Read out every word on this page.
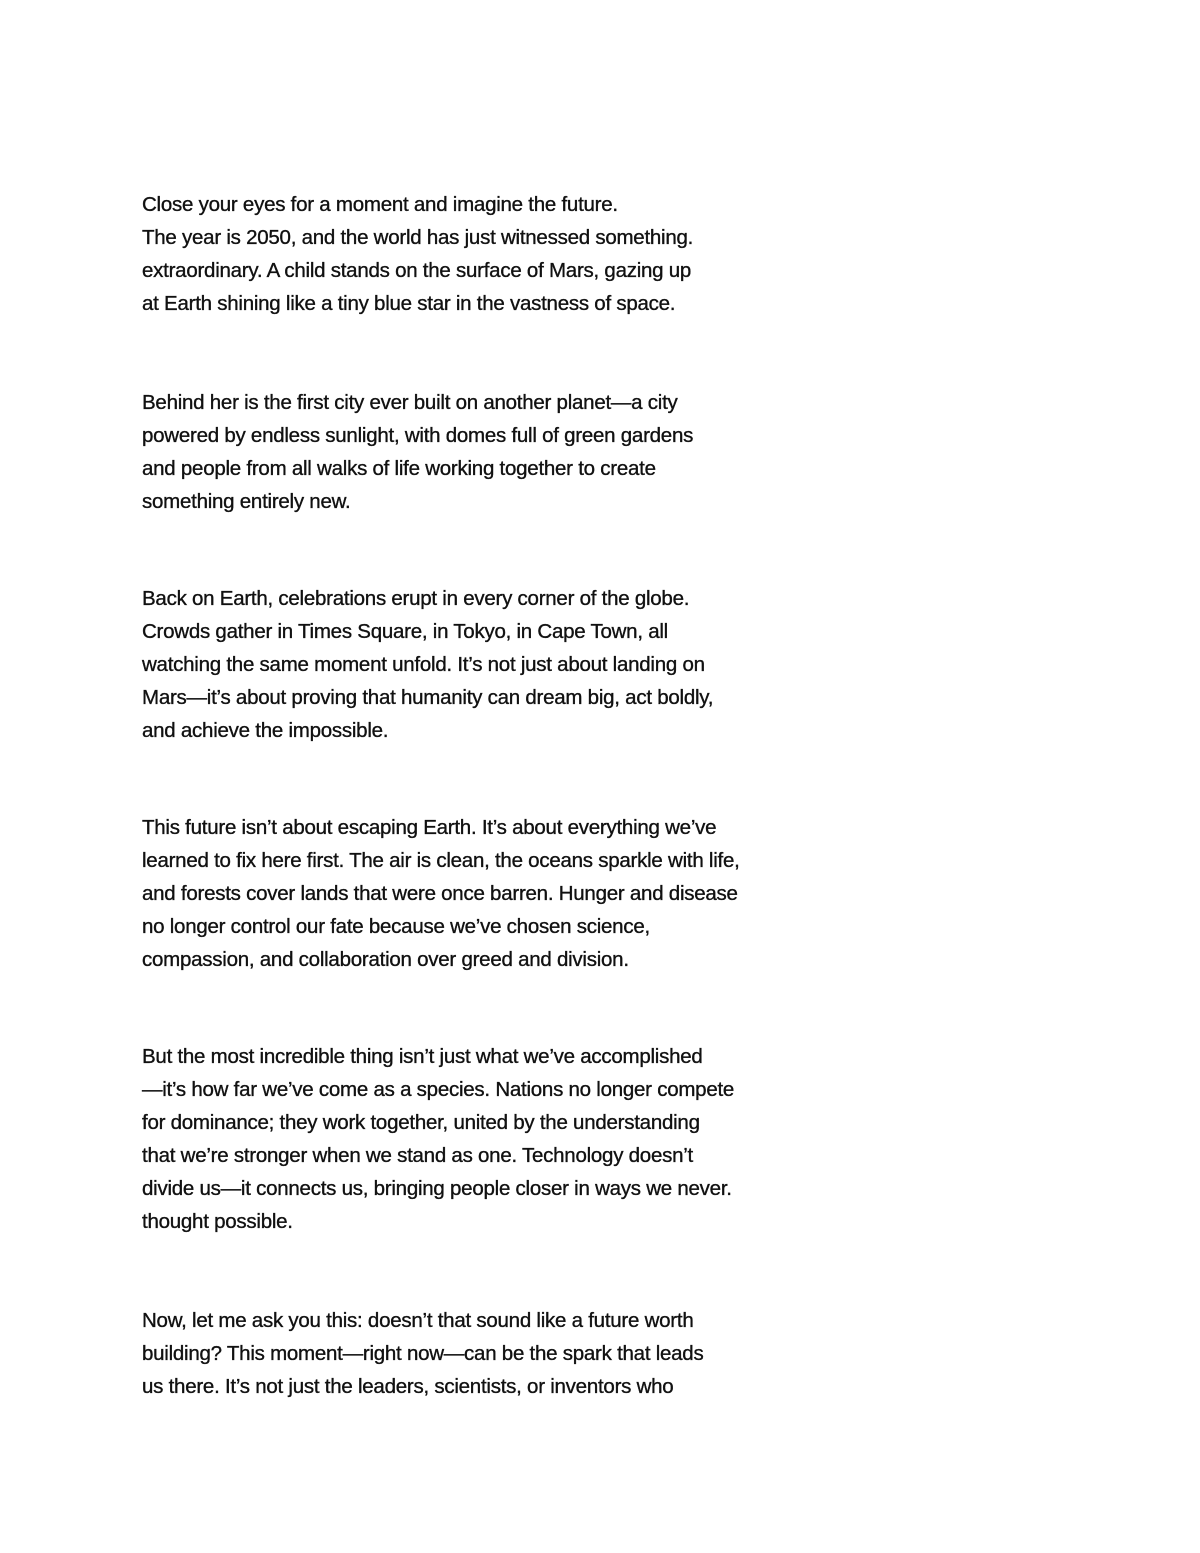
Close your eyes for a moment and imagine the future.
The year is 2050, and the world has just witnessed something.
extraordinary. A child stands on the surface of Mars, gazing up
at Earth shining like a tiny blue star in the vastness of space.

Behind her is the first city ever built on another planet—a city
powered by endless sunlight, with domes full of green gardens
and people from all walks of life working together to create
something entirely new.

Back on Earth, celebrations erupt in every corner of the globe.
Crowds gather in Times Square, in Tokyo, in Cape Town, all
watching the same moment unfold. It’s not just about landing on
Mars—it’s about proving that humanity can dream big, act boldly,
and achieve the impossible.

This future isn’t about escaping Earth. It’s about everything we’ve
learned to fix here first. The air is clean, the oceans sparkle with life,
and forests cover lands that were once barren. Hunger and disease
no longer control our fate because we’ve chosen science,
compassion, and collaboration over greed and division.

But the most incredible thing isn’t just what we’ve accomplished
—it’s how far we’ve come as a species. Nations no longer compete
for dominance; they work together, united by the understanding
that we’re stronger when we stand as one. Technology doesn’t
divide us—it connects us, bringing people closer in ways we never.
thought possible.

Now, let me ask you this: doesn’t that sound like a future worth
building? This moment—right now—can be the spark that leads
us there. It’s not just the leaders, scientists, or inventors who
